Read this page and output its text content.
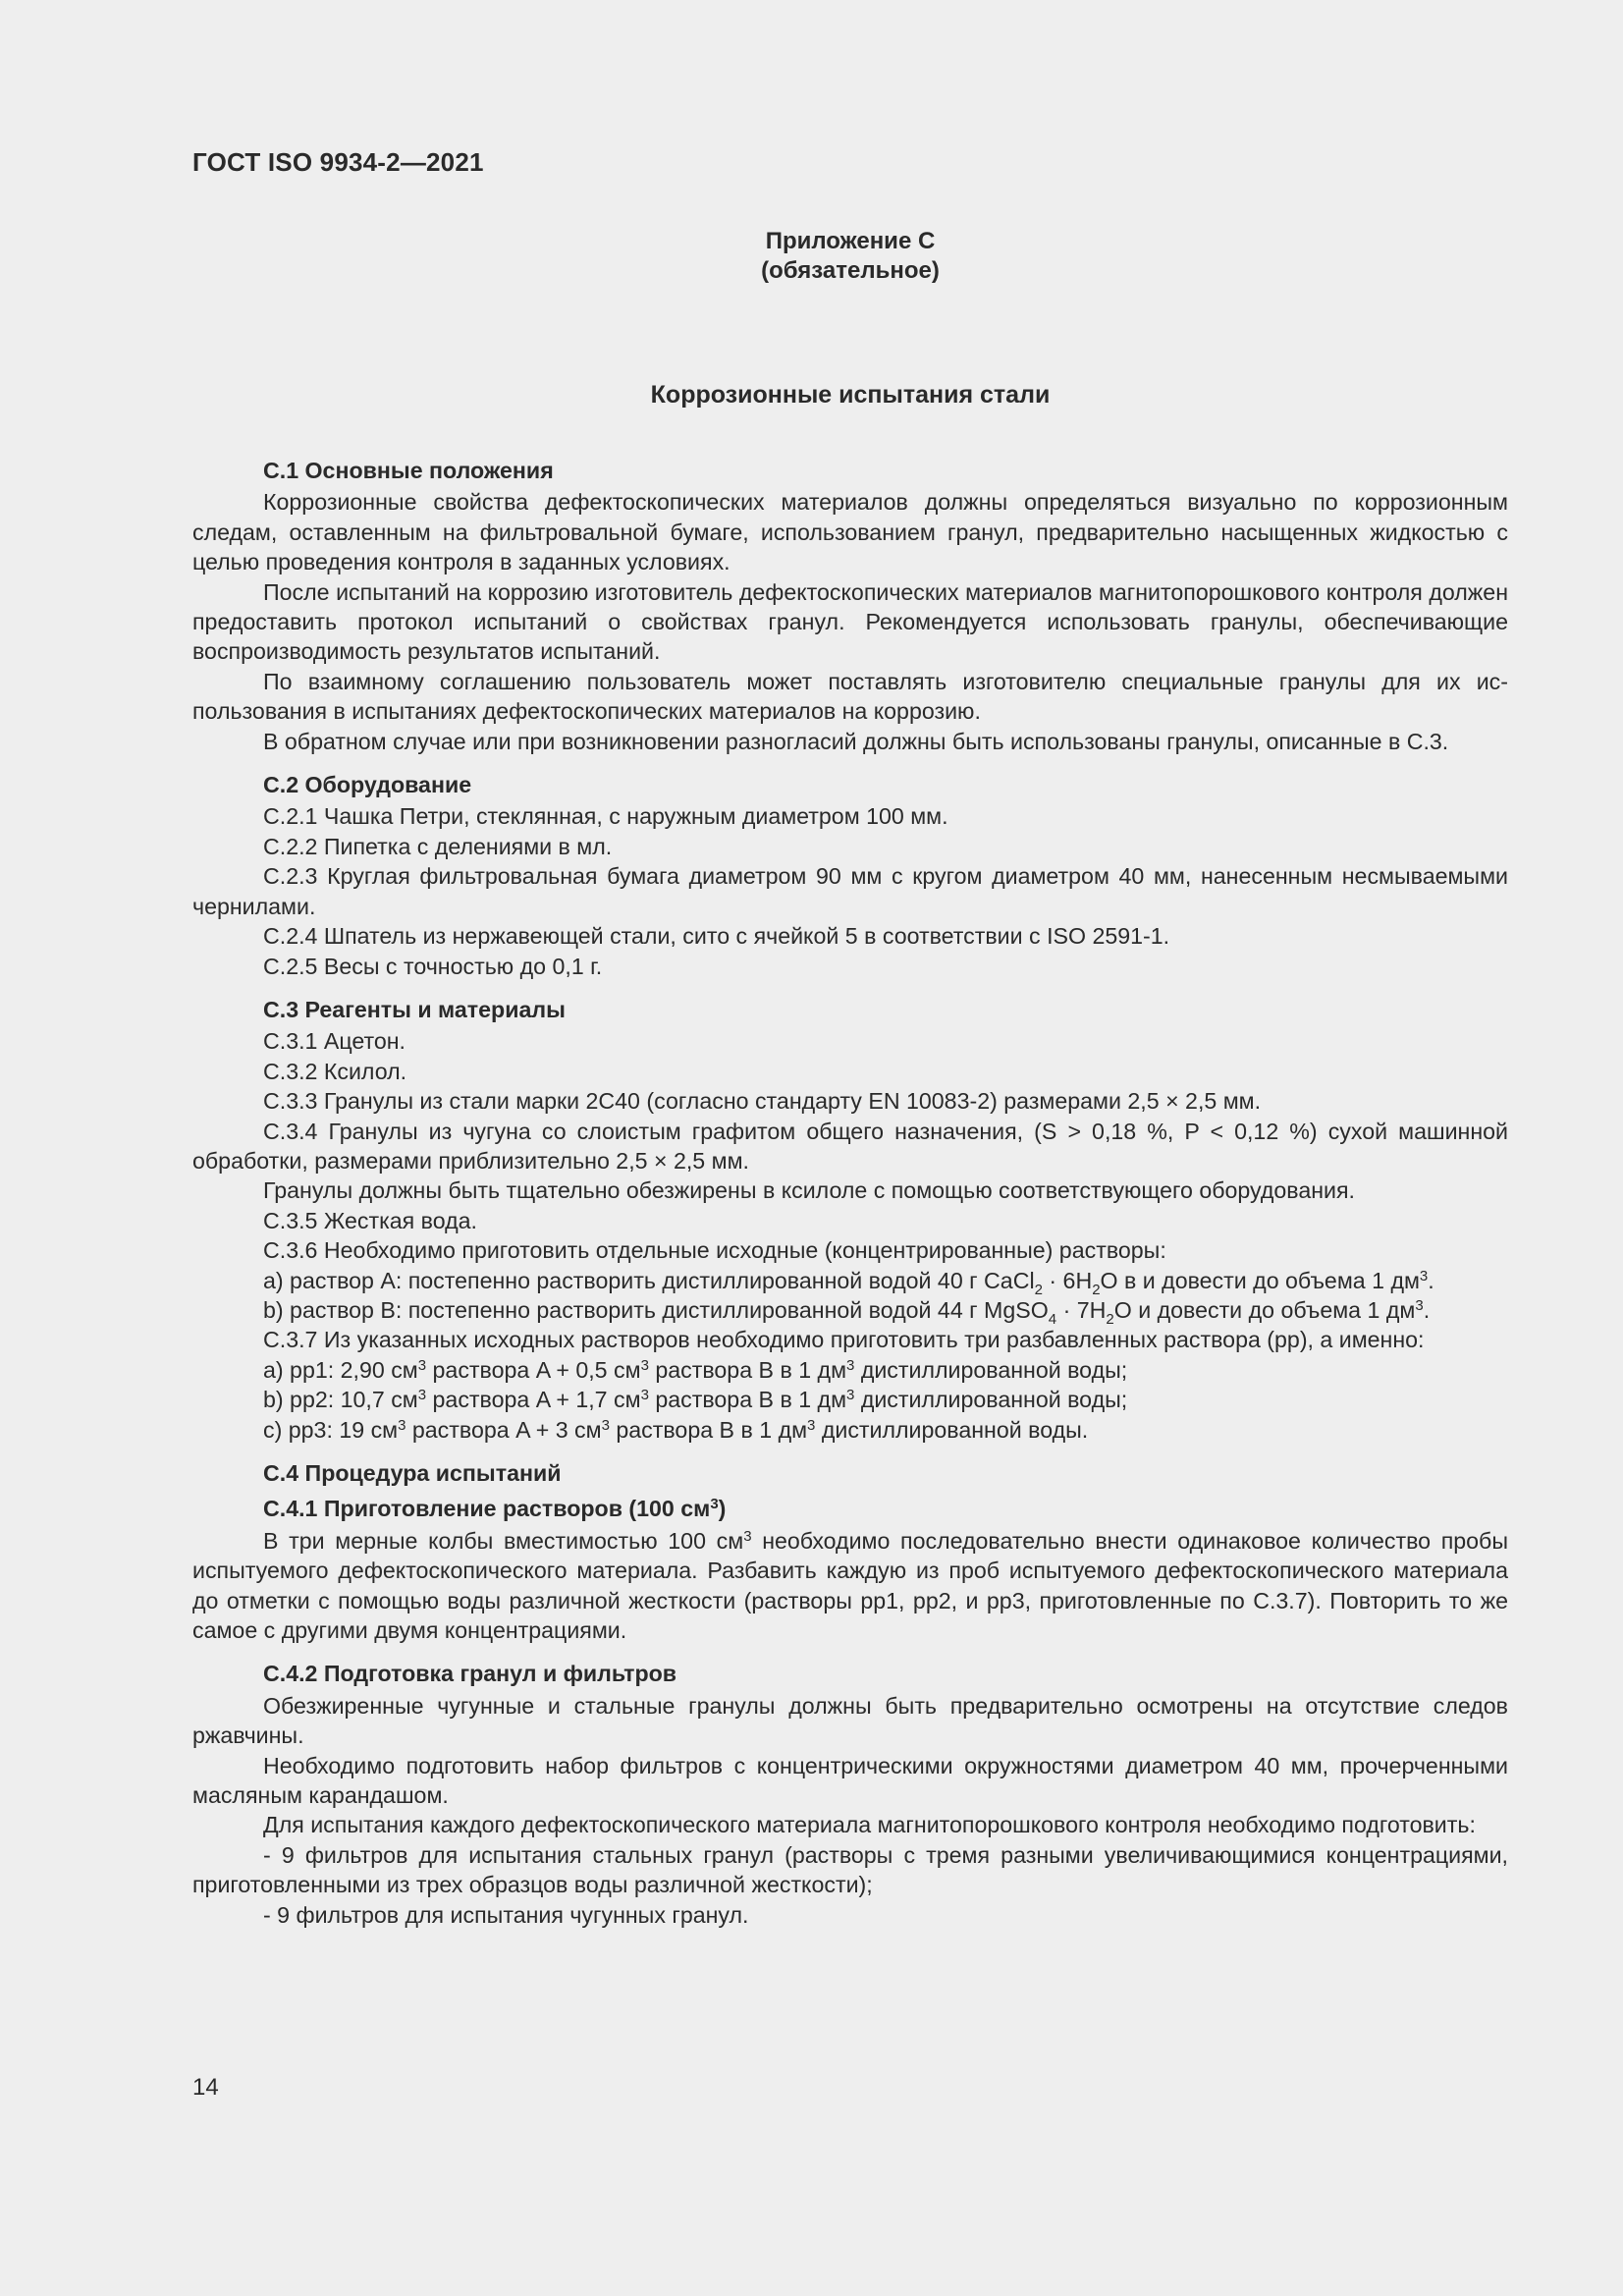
ГОСТ ISO 9934-2—2021
Приложение C
(обязательное)
Коррозионные испытания стали

C.1 Основные положения

Коррозионные свойства дефектоскопических материалов должны определяться визуально по коррозионным следам, оставленным на фильтровальной бумаге, использованием гранул, предварительно насыщенных жидкостью с целью проведения контроля в заданных условиях.

После испытаний на коррозию изготовитель дефектоскопических материалов магнитопорошкового контроля должен предоставить протокол испытаний о свойствах гранул. Рекомендуется использовать гранулы, обеспечивающие воспроизводимость результатов испытаний.

По взаимному соглашению пользователь может поставлять изготовителю специальные гранулы для их использования в испытаниях дефектоскопических материалов на коррозию.

В обратном случае или при возникновении разногласий должны быть использованы гранулы, описанные в C.3.

C.2 Оборудование

C.2.1 Чашка Петри, стеклянная, с наружным диаметром 100 мм.

C.2.2 Пипетка с делениями в мл.

C.2.3 Круглая фильтровальная бумага диаметром 90 мм с кругом диаметром 40 мм, нанесенным несмываемыми чернилами.

C.2.4 Шпатель из нержавеющей стали, сито с ячейкой 5 в соответствии с ISO 2591-1.

C.2.5 Весы с точностью до 0,1 г.

C.3 Реагенты и материалы

C.3.1 Ацетон.

C.3.2 Ксилол.

C.3.3 Гранулы из стали марки 2C40 (согласно стандарту EN 10083-2) размерами 2,5 × 2,5 мм.

C.3.4 Гранулы из чугуна со слоистым графитом общего назначения, (S > 0,18 %, P < 0,12 %) сухой машинной обработки, размерами приблизительно 2,5 × 2,5 мм.

Гранулы должны быть тщательно обезжирены в ксилоле с помощью соответствующего оборудования.

C.3.5 Жесткая вода.

C.3.6 Необходимо приготовить отдельные исходные (концентрированные) растворы:

a) раствор A: постепенно растворить дистиллированной водой 40 г CaCl$_2$ · $6H_2O$ в и довести до объема 1 $дм^3$.

b) раствор B: постепенно растворить дистиллированной водой 44 г MgSO$_4$ · $7H_2O$ и довести до объема 1 $дм^3$.

C.3.7 Из указанных исходных растворов необходимо приготовить три разбавленных раствора (pp), а именно:

a) pp1: 2,90 $см^3$ раствора A + 0,5 $см^3$ раствора B в 1 $дм^3$ дистиллированной воды;

b) pp2: 10,7 $см^3$ раствора A + 1,7 $см^3$ раствора B в 1 $дм^3$ дистиллированной воды;

c) pp3: 19 $см^3$ раствора A + 3 $см^3$ раствора B в 1 $дм^3$ дистиллированной воды.

C.4 Процедура испытаний

C.4.1 Приготовление растворов (100 $см^3$)

В три мерные колбы вместимостью 100 $см^3$ необходимо последовательно внести одинаковое количество пробы испытуемого дефектоскопического материала. Разбавить каждую из проб испытуемого дефектоскопического материала до отметки с помощью воды различной жесткости (растворы pp1, pp2, и pp3, приготовленные по C.3.7). Повторить то же самое с другими двумя концентрациями.

C.4.2 Подготовка гранул и фильтров

Обезжиренные чугунные и стальные гранулы должны быть предварительно осмотрены на отсутствие следов ржавчины.

Необходимо подготовить набор фильтров с концентрическими окружностями диаметром 40 мм, прочерченными масляным карандашом.

Для испытания каждого дефектоскопического материала магнитопорошкового контроля необходимо подготовить:

- 9 фильтров для испытания стальных гранул (растворы с тремя разными увеличивающимися концентрациями, приготовленными из трех образцов воды различной жесткости);

- 9 фильтров для испытания чугунных гранул.

14
